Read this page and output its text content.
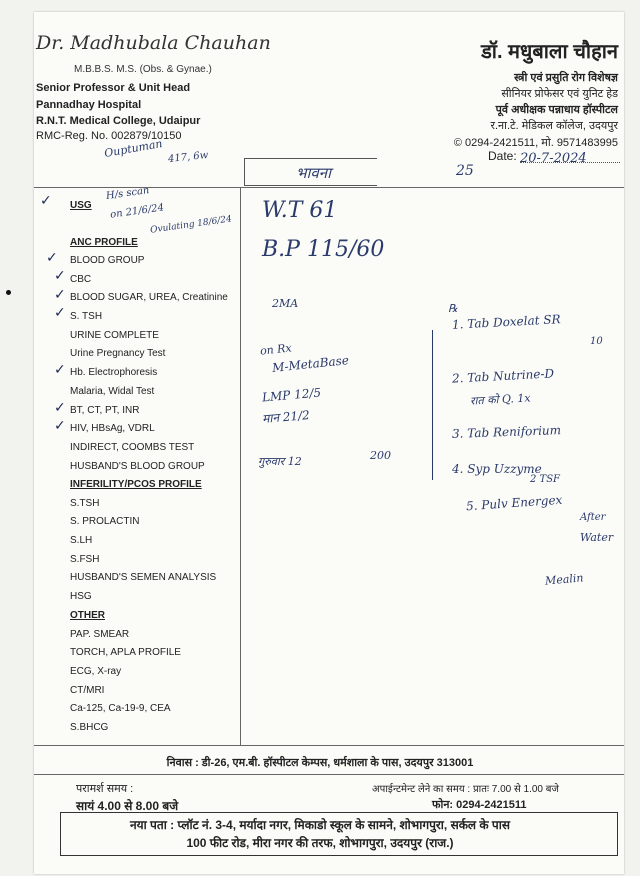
Dr. Madhubala Chauhan
M.B.B.S. M.S. (Obs. & Gynae.)
Senior Professor & Unit Head
Pannadhay Hospital
R.N.T. Medical College, Udaipur
RMC-Reg. No. 002879/10150
डॉ. मधुबाला चौहान
स्त्री एवं प्रसुति रोग विशेषज्ञ
सीनियर प्रोफेसर एवं युनिट हेड
पूर्व अधीक्षक पन्नाधाय हॉस्पीटल
र.ना.टे. मेडिकल कॉलेज, उदयपुर
© 0294-2421511, मो. 9571483995
Ouptuman 417, 6w
भावना	25
Date: 20-7-2024
USG
H/s scan
on 21/6/24
Ovulating 18/6/24
ANC PROFILE
BLOOD GROUP
CBC
BLOOD SUGAR, UREA, Creatinine
S. TSH
URINE COMPLETE
Urine Pregnancy Test
Hb. Electrophoresis
Malaria, Widal Test
BT, CT, PT, INR
HIV, HBsAg, VDRL
INDIRECT, COOMBS TEST
HUSBAND'S BLOOD GROUP
INFERILITY/PCOS PROFILE
S.TSH
S. PROLACTIN
S.LH
S.FSH
HUSBAND'S SEMEN ANALYSIS
HSG
OTHER
PAP. SMEAR
TORCH, APLA PROFILE
ECG, X-ray
CT/MRI
Ca-125, Ca-19-9, CEA
S.BHCG
✓
✓
✓
✓
✓
✓
✓
✓
W.T 61
B.P 115/60
2MA
on Rx
M-MetaBase
LMP 12/5
मान 21/2
गुरुवार 12	200
℞
1. Tab Doxelat SR
10
2. Tab Nutrine-D
रात को Q. 1x
3. Tab Reniforium
4. Syp Uzzyme
2 TSF
5. Pulv Energex
After
Water
Mealin
निवास : डी-26, एम.बी. हॉस्पीटल केम्पस, धर्मशाला के पास, उदयपुर 313001
परामर्श समय :
सायं 4.00 से 8.00 बजे
अपाईन्टमेन्ट लेने का समय : प्रातः 7.00 से 1.00 बजे
फोन: 0294-2421511
नया पता : प्लॉट नं. 3-4, मर्यादा नगर, मिकाडो स्कूल के सामने, शोभागपुरा, सर्कल के पास
100 फीट रोड, मीरा नगर की तरफ, शोभागपुरा, उदयपुर (राज.)
